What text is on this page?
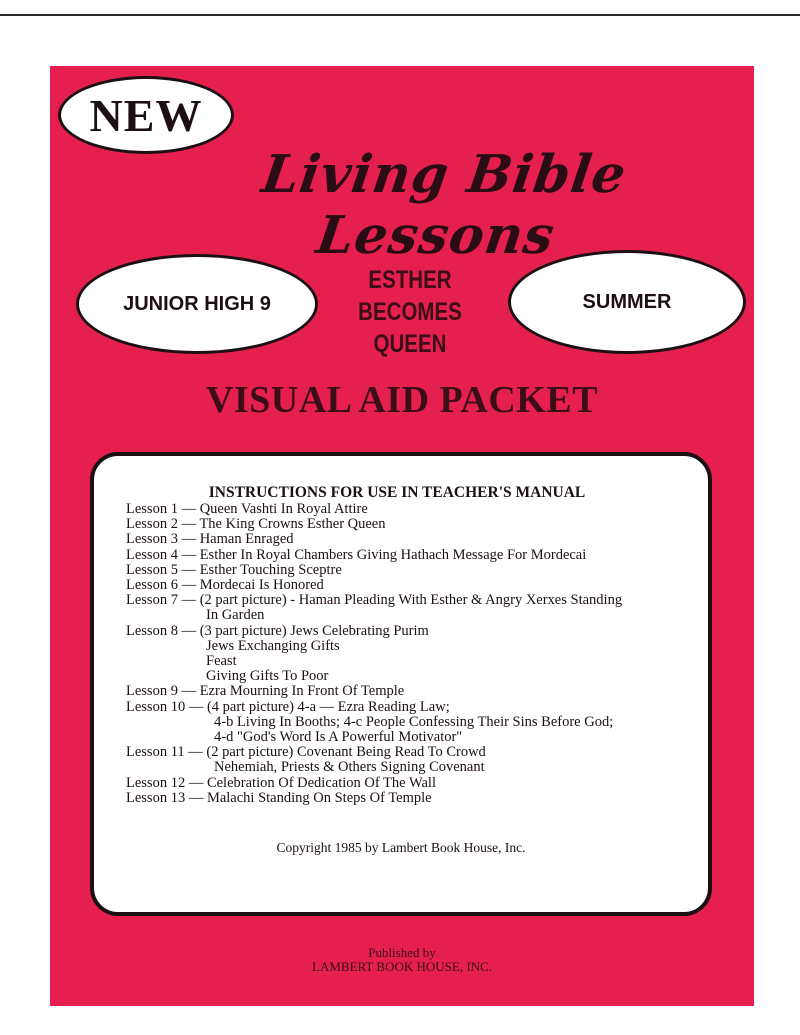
NEW
Living Bible Lessons
JUNIOR HIGH 9
ESTHER
BECOMES
QUEEN
SUMMER
VISUAL AID PACKET
INSTRUCTIONS FOR USE IN TEACHER'S MANUAL
Lesson 1 — Queen Vashti In Royal Attire
Lesson 2 — The King Crowns Esther Queen
Lesson 3 — Haman Enraged
Lesson 4 — Esther In Royal Chambers Giving Hathach Message For Mordecai
Lesson 5 — Esther Touching Sceptre
Lesson 6 — Mordecai Is Honored
Lesson 7 — (2 part picture) - Haman Pleading With Esther & Angry Xerxes Standing
In Garden
Lesson 8 — (3 part picture) Jews Celebrating Purim
Jews Exchanging Gifts
Feast
Giving Gifts To Poor
Lesson 9 — Ezra Mourning In Front Of Temple
Lesson 10 — (4 part picture) 4-a — Ezra Reading Law;
4-b Living In Booths; 4-c People Confessing Their Sins Before God;
4-d "God's Word Is A Powerful Motivator"
Lesson 11 — (2 part picture) Covenant Being Read To Crowd
Nehemiah, Priests & Others Signing Covenant
Lesson 12 — Celebration Of Dedication Of The Wall
Lesson 13 — Malachi Standing On Steps Of Temple
Copyright 1985 by Lambert Book House, Inc.
Published by
LAMBERT BOOK HOUSE, INC.
